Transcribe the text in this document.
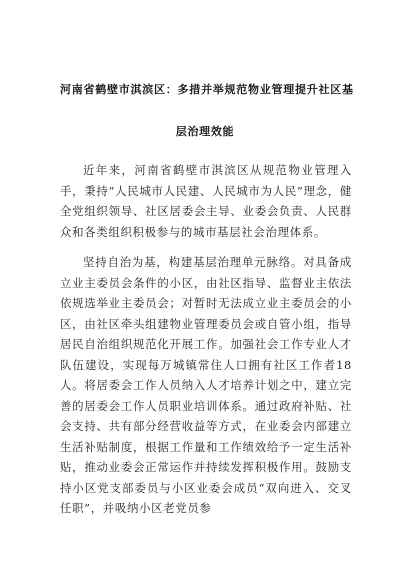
河南省鹤壁市淇滨区：多措并举规范物业管理提升社区基
层治理效能

近年来，河南省鹤壁市淇滨区从规范物业管理入手，秉持“人民城市人民建、人民城市为人民”理念，健全党组织领导、社区居委会主导、业委会负责、人民群众和各类组织积极参与的城市基层社会治理体系。

坚持自治为基，构建基层治理单元脉络。对具备成立业主委员会条件的小区，由社区指导、监督业主依法依规选举业主委员会；对暂时无法成立业主委员会的小区，由社区牵头组建物业管理委员会或自管小组，指导居民自治组织规范化开展工作。加强社会工作专业人才队伍建设，实现每万城镇常住人口拥有社区工作者18人。将居委会工作人员纳入人才培养计划之中，建立完善的居委会工作人员职业培训体系。通过政府补贴、社会支持、共有部分经营收益等方式，在业委会内部建立生活补贴制度，根据工作量和工作绩效给予一定生活补贴，推动业委会正常运作并持续发挥积极作用。鼓励支持小区党支部委员与小区业委会成员“双向进入、交叉任职”，并吸纳小区老党员参
